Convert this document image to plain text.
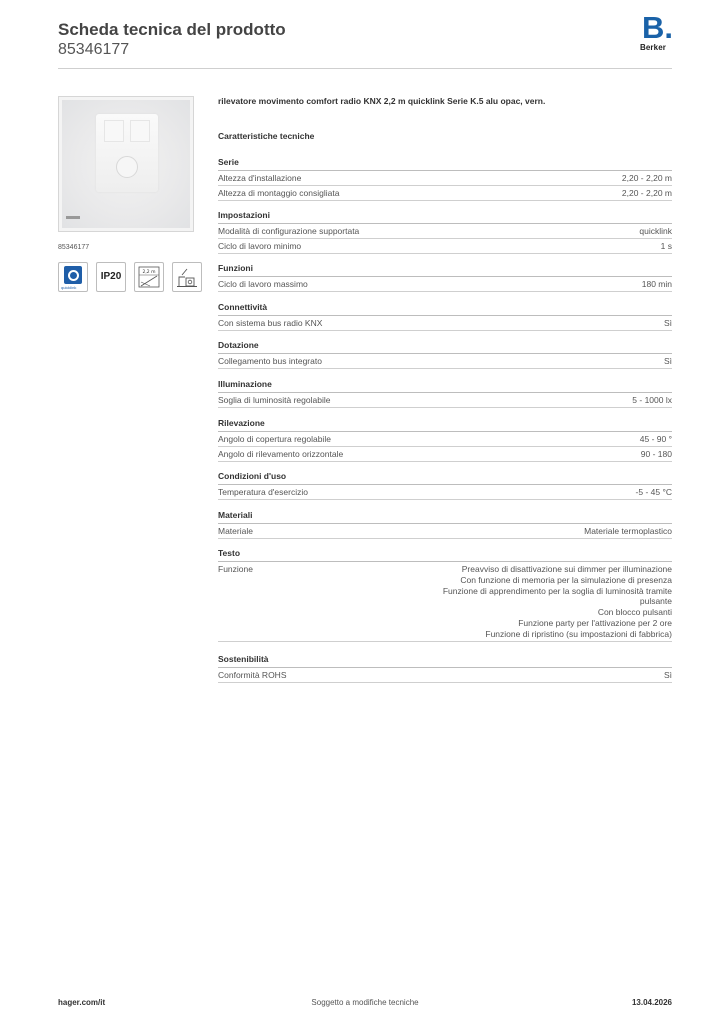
Scheda tecnica del prodotto
85346177
B.
Berker
85346177
quicklink
IP20	2,2 m
rilevatore movimento comfort radio KNX 2,2 m quicklink Serie K.5 alu opac, vern.
Caratteristiche tecniche
Serie
Altezza d'installazione	2,20 - 2,20 m
Altezza di montaggio consigliata	2,20 - 2,20 m
Impostazioni
Modalità di configurazione supportata	quicklink
Ciclo di lavoro minimo	1 s
Funzioni
Ciclo di lavoro massimo	180 min
Connettività
Con sistema bus radio KNX	Sì
Dotazione
Collegamento bus integrato	Sì
Illuminazione
Soglia di luminosità regolabile	5 - 1000 lx
Rilevazione
Angolo di copertura regolabile	45 - 90 °
Angolo di rilevamento orizzontale	90 - 180
Condizioni d'uso
Temperatura d'esercizio	-5 - 45 °C
Materiali
Materiale	Materiale termoplastico
Testo
Funzione	Preavviso di disattivazione sui dimmer per illuminazione
Con funzione di memoria per la simulazione di presenza
Funzione di apprendimento per la soglia di luminosità tramite
pulsante
Con blocco pulsanti
Funzione party per l'attivazione per 2 ore
Funzione di ripristino (su impostazioni di fabbrica)
Sostenibilità
Conformità ROHS	Sì
hager.com/it	Soggetto a modifiche tecniche	13.04.2026
